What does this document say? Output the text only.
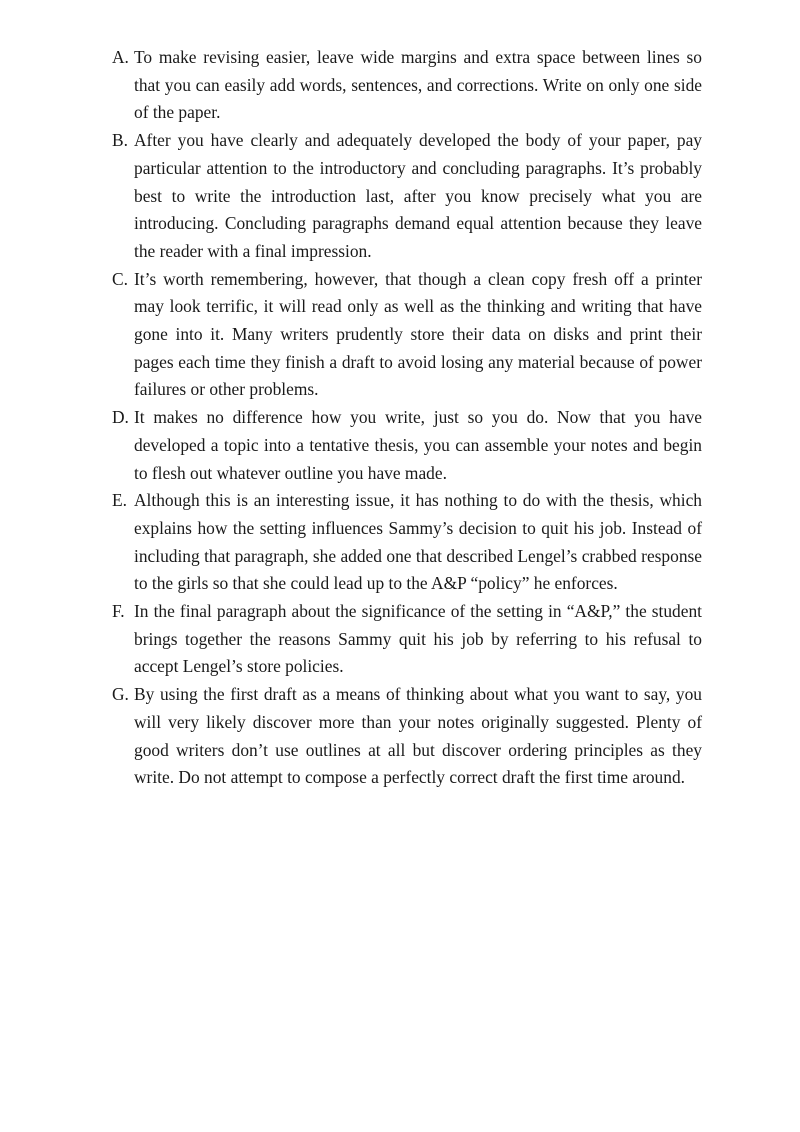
A. To make revising easier, leave wide margins and extra space between lines so that you can easily add words, sentences, and corrections. Write on only one side of the paper.

B. After you have clearly and adequately developed the body of your paper, pay particular attention to the introductory and concluding paragraphs. It’s probably best to write the introduction last, after you know precisely what you are introducing. Concluding paragraphs demand equal attention because they leave the reader with a final impression.

C. It’s worth remembering, however, that though a clean copy fresh off a printer may look terrific, it will read only as well as the thinking and writing that have gone into it. Many writers prudently store their data on disks and print their pages each time they finish a draft to avoid losing any material because of power failures or other problems.

D. It makes no difference how you write, just so you do. Now that you have developed a topic into a tentative thesis, you can assemble your notes and begin to flesh out whatever outline you have made.

E. Although this is an interesting issue, it has nothing to do with the thesis, which explains how the setting influences Sammy’s decision to quit his job. Instead of including that paragraph, she added one that described Lengel’s crabbed response to the girls so that she could lead up to the A&P “policy” he enforces.

F. In the final paragraph about the significance of the setting in “A&P,” the student brings together the reasons Sammy quit his job by referring to his refusal to accept Lengel’s store policies.

G. By using the first draft as a means of thinking about what you want to say, you will very likely discover more than your notes originally suggested. Plenty of good writers don’t use outlines at all but discover ordering principles as they write. Do not attempt to compose a perfectly correct draft the first time around.
